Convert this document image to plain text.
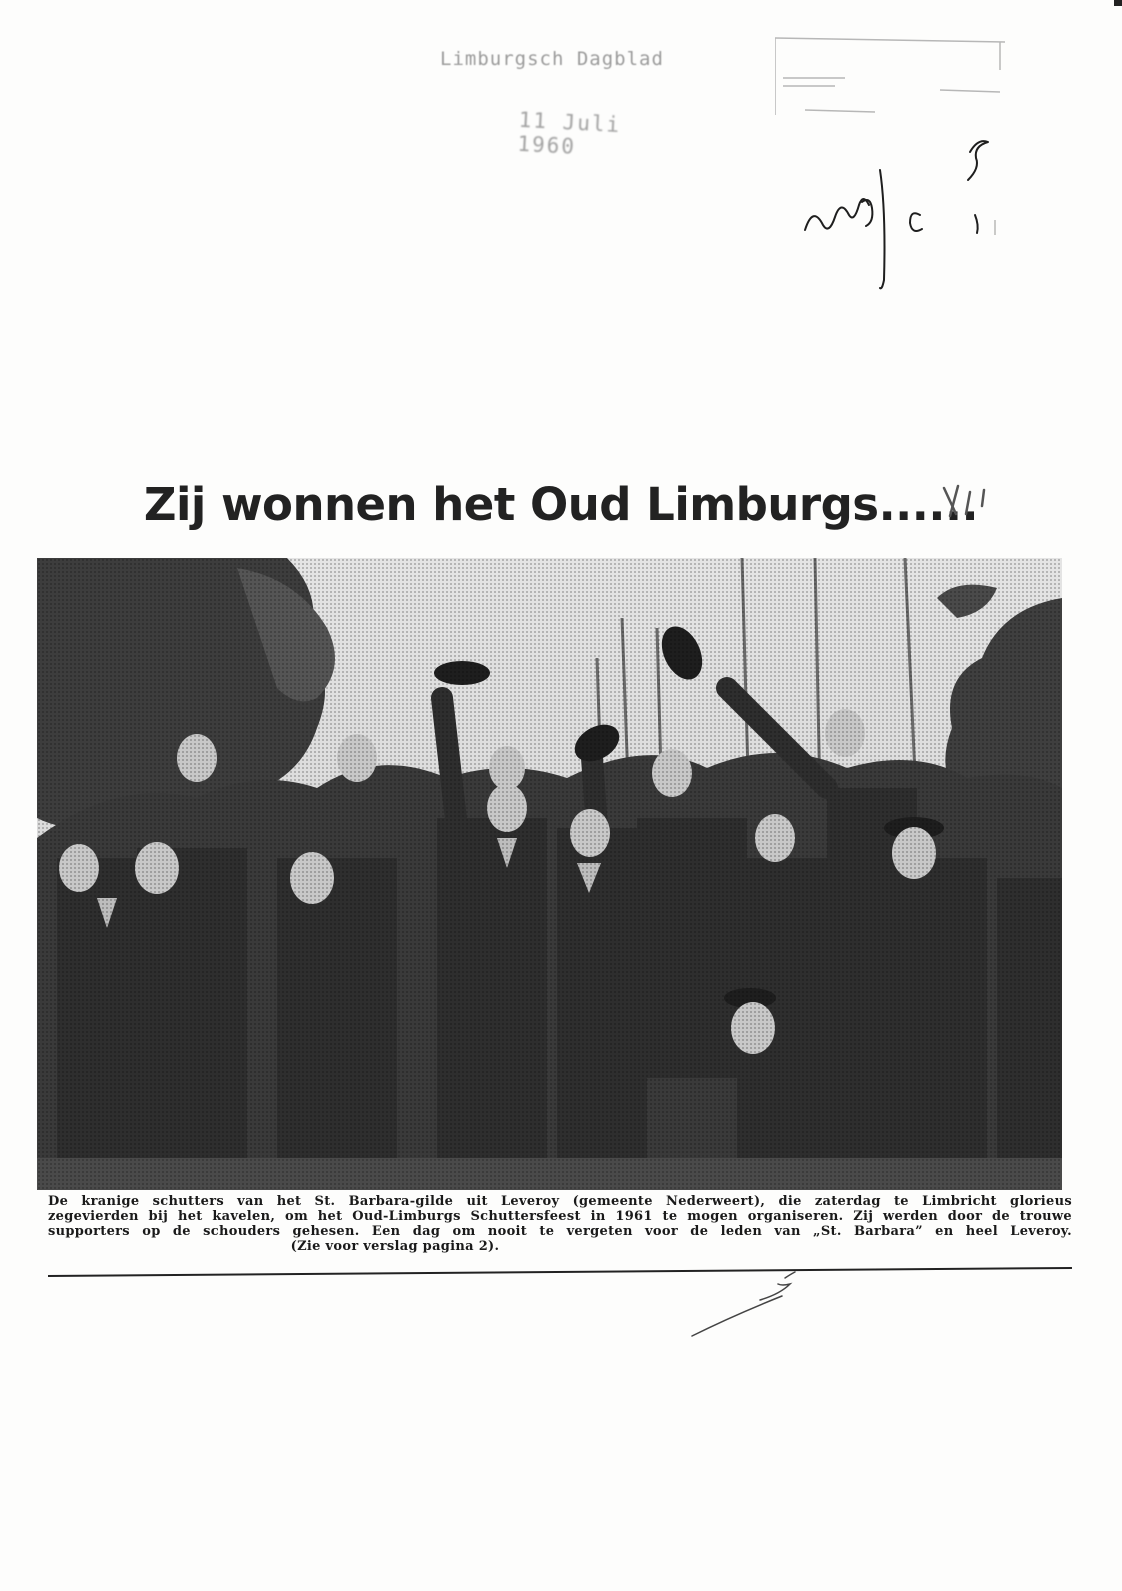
Limburgsch Dagblad
11 Juli 1960
Zij wonnen het Oud Limburgs......
De kranige schutters van het St. Barbara-gilde uit Leveroy (gemeente Nederweert), die zaterdag te Limbricht glorieus
zegevierden bij het kavelen, om het Oud-Limburgs Schuttersfeest in 1961 te mogen organiseren. Zij werden door de trouwe
supporters op de schouders gehesen. Een dag om nooit te vergeten voor de leden van „St. Barbara” en heel Leveroy.
(Zie voor verslag pagina 2).
